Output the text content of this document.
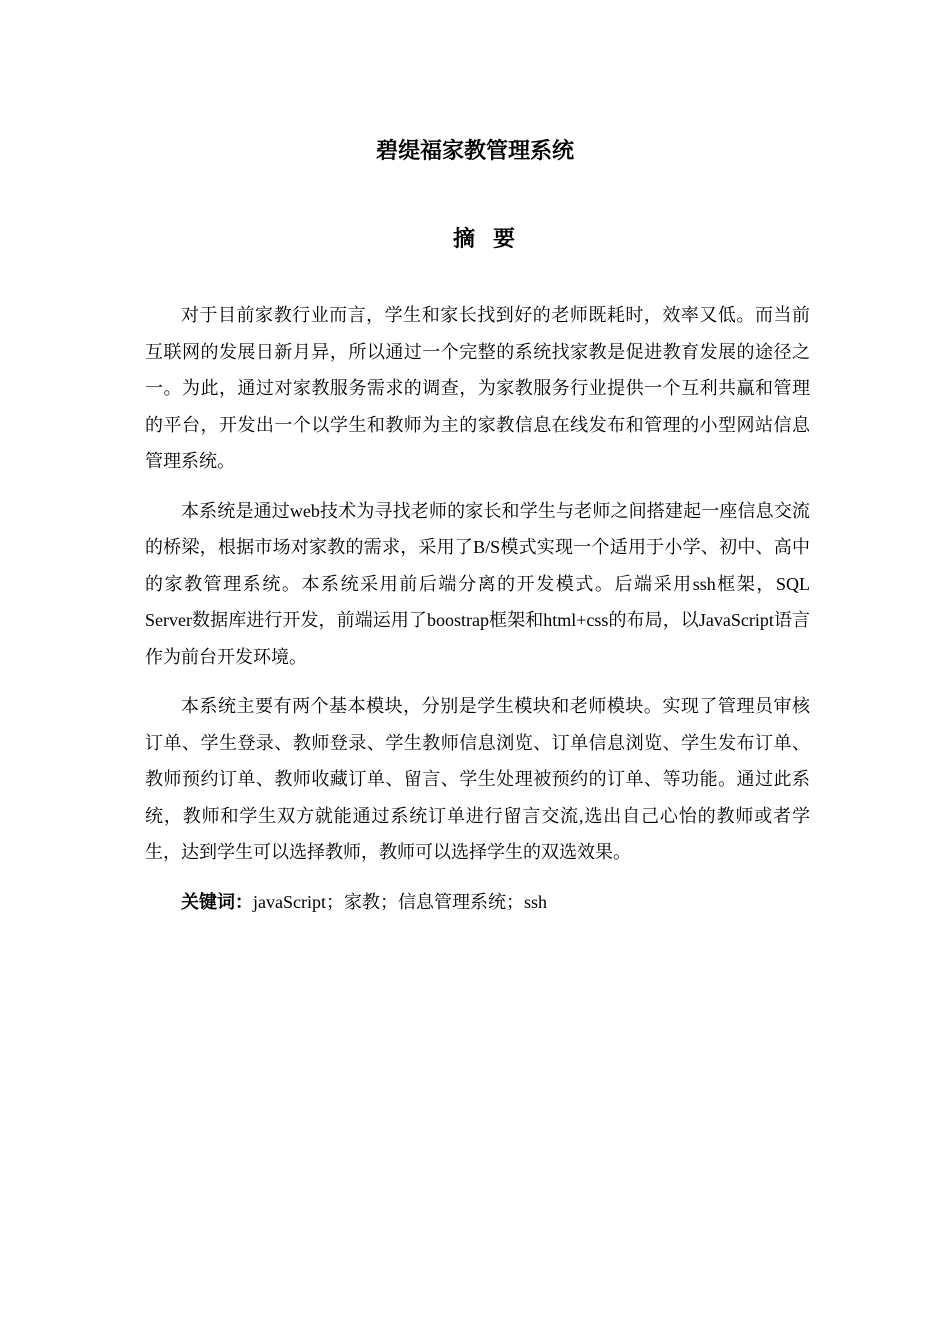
碧缇福家教管理系统
摘要

对于目前家教行业而言，学生和家长找到好的老师既耗时，效率又低。而当前互联网的发展日新月异，所以通过一个完整的系统找家教是促进教育发展的途径之一。为此，通过对家教服务需求的调查，为家教服务行业提供一个互利共赢和管理的平台，开发出一个以学生和教师为主的家教信息在线发布和管理的小型网站信息管理系统。

本系统是通过web技术为寻找老师的家长和学生与老师之间搭建起一座信息交流的桥梁，根据市场对家教的需求，采用了B/S模式实现一个适用于小学、初中、高中的家教管理系统。本系统采用前后端分离的开发模式。后端采用ssh框架，SQL Server数据库进行开发，前端运用了boostrap框架和html+css的布局，以JavaScript语言作为前台开发环境。

本系统主要有两个基本模块，分别是学生模块和老师模块。实现了管理员审核订单、学生登录、教师登录、学生教师信息浏览、订单信息浏览、学生发布订单、教师预约订单、教师收藏订单、留言、学生处理被预约的订单、等功能。通过此系统，教师和学生双方就能通过系统订单进行留言交流,选出自己心怡的教师或者学生，达到学生可以选择教师，教师可以选择学生的双选效果。

关键词：javaScript；家教；信息管理系统；ssh
